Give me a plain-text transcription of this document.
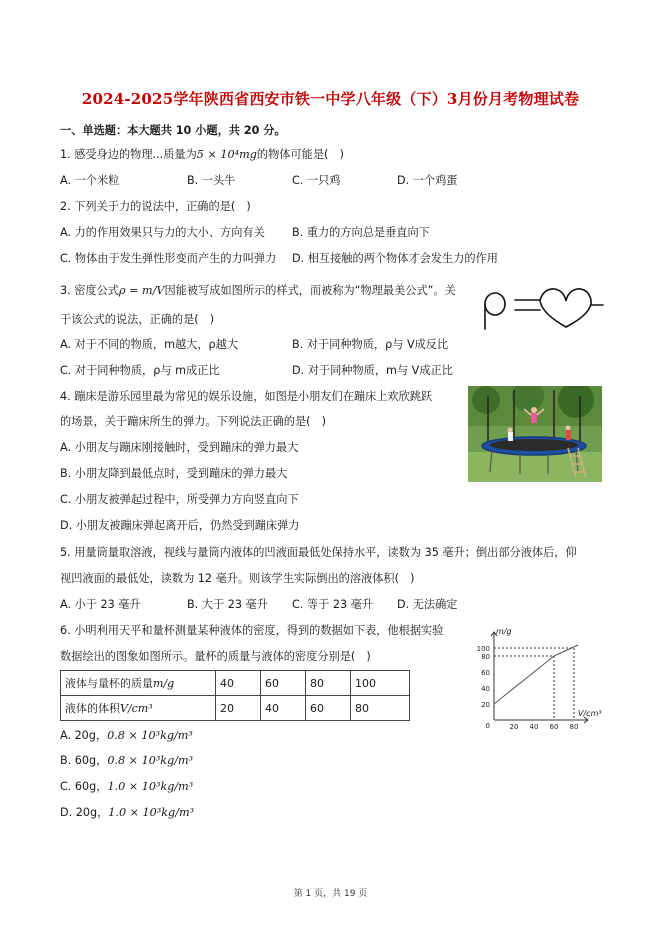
2024-2025学年陕西省西安市铁一中学八年级（下）3月份月考物理试卷
一、单选题：本大题共 10 小题，共 20 分。
1. 感受身边的物理...质量为5 × 10⁴mg的物体可能是(　)
A. 一个米粒	B. 一头牛	C. 一只鸡	D. 一个鸡蛋
2. 下列关于力的说法中，正确的是(　)
A. 力的作用效果只与力的大小、方向有关 B. 重力的方向总是垂直向下
C. 物体由于发生弹性形变而产生的力叫弹力 D. 相互接触的两个物体才会发生力的作用
3. 密度公式ρ = m/V因能被写成如图所示的样式，而被称为“物理最美公式”。关
于该公式的说法，正确的是(　)
A. 对于不同的物质，m越大，ρ越大	B. 对于同种物质，ρ与 V成反比
C. 对于同种物质，ρ与 m成正比	D. 对于同种物质，m与 V成正比
4. 蹦床是游乐园里最为常见的娱乐设施，如图是小朋友们在蹦床上欢欣跳跃
的场景，关于蹦床所生的弹力。下列说法正确的是(　)
A. 小朋友与蹦床刚接触时，受到蹦床的弹力最大
B. 小朋友降到最低点时，受到蹦床的弹力最大
C. 小朋友被弹起过程中，所受弹力方向竖直向下
D. 小朋友被蹦床弹起离开后，仍然受到蹦床弹力
5. 用量筒量取溶液，视线与量筒内液体的凹液面最低处保持水平，读数为 35 毫升；倒出部分液体后，仰
视凹液面的最低处，读数为 12 毫升。则该学生实际倒出的溶液体积(　)
A. 小于 23 毫升	B. 大于 23 毫升 C. 等于 23 毫升 D. 无法确定
6. 小明利用天平和量杯测量某种液体的密度，得到的数据如下表，他根据实验
数据绘出的图象如图所示。量杯的质量与液体的密度分别是(　)
液体与量杯的质量m/g	40	60	80	100
液体的体积V/cm³	20	40	60	80
A. 20g，0.8 × 10³kg/m³
B. 60g，0.8 × 10³kg/m³
C. 60g，1.0 × 10³kg/m³
D. 20g，1.0 × 10³kg/m³
m/g
V/cm³
100
80
60
40
20
0	20 40 60 80
第 1 页，共 19 页
